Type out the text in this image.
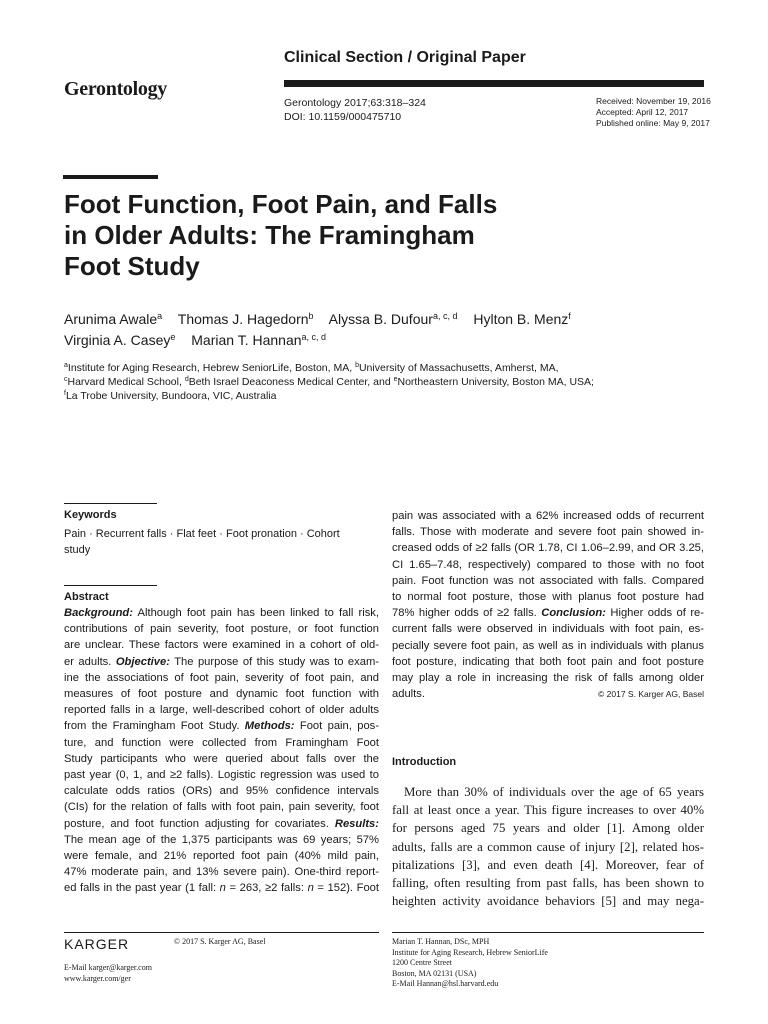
Gerontology
Clinical Section / Original Paper
Gerontology 2017;63:318–324
DOI: 10.1159/000475710
Received: November 19, 2016
Accepted: April 12, 2017
Published online: May 9, 2017
Foot Function, Foot Pain, and Falls
in Older Adults: The Framingham
Foot Study
Arunima Awale$^a$ Thomas J. Hagedorn$^b$ Alyssa B. Dufour$^{a, c, d}$ Hylton B. Menz$^f$
Virginia A. Casey$^e$ Marian T. Hannan$^{a, c, d}$
$^a$Institute for Aging Research, Hebrew SeniorLife, Boston, MA, $^b$University of Massachusetts, Amherst, MA,
$^c$Harvard Medical School, $^d$Beth Israel Deaconess Medical Center, and $^e$Northeastern University, Boston MA, USA;
$^f$La Trobe University, Bundoora, VIC, Australia
Keywords
Pain · Recurrent falls · Flat feet · Foot pronation · Cohort
study
Abstract
Background: Although foot pain has been linked to fall risk,
contributions of pain severity, foot posture, or foot function
are unclear. These factors were examined in a cohort of old-
er adults. Objective: The purpose of this study was to exam-
ine the associations of foot pain, severity of foot pain, and
measures of foot posture and dynamic foot function with
reported falls in a large, well-described cohort of older adults
from the Framingham Foot Study. Methods: Foot pain, pos-
ture, and function were collected from Framingham Foot
Study participants who were queried about falls over the
past year (0, 1, and ≥2 falls). Logistic regression was used to
calculate odds ratios (ORs) and 95% confidence intervals
(CIs) for the relation of falls with foot pain, pain severity, foot
posture, and foot function adjusting for covariates. Results:
The mean age of the 1,375 participants was 69 years; 57%
were female, and 21% reported foot pain (40% mild pain,
47% moderate pain, and 13% severe pain). One-third report-
ed falls in the past year (1 fall: n = 263, ≥2 falls: n = 152). Foot
pain was associated with a 62% increased odds of recurrent
falls. Those with moderate and severe foot pain showed in-
creased odds of ≥2 falls (OR 1.78, CI 1.06–2.99, and OR 3.25,
CI 1.65–7.48, respectively) compared to those with no foot
pain. Foot function was not associated with falls. Compared
to normal foot posture, those with planus foot posture had
78% higher odds of ≥2 falls. Conclusion: Higher odds of re-
current falls were observed in individuals with foot pain, es-
pecially severe foot pain, as well as in individuals with planus
foot posture, indicating that both foot pain and foot posture
may play a role in increasing the risk of falls among older
adults.	© 2017 S. Karger AG, Basel
Introduction
More than 30% of individuals over the age of 65 years
fall at least once a year. This figure increases to over 40%
for persons aged 75 years and older [1]. Among older
adults, falls are a common cause of injury [2], related hos-
pitalizations [3], and even death [4]. Moreover, fear of
falling, often resulting from past falls, has been shown to
heighten activity avoidance behaviors [5] and may nega-
KARGER	© 2017 S. Karger AG, Basel
E-Mail karger@karger.com
www.karger.com/ger
Marian T. Hannan, DSc, MPH
Institute for Aging Research, Hebrew SeniorLife
1200 Centre Street
Boston, MA 02131 (USA)
E-Mail Hannan@hsl.harvard.edu
